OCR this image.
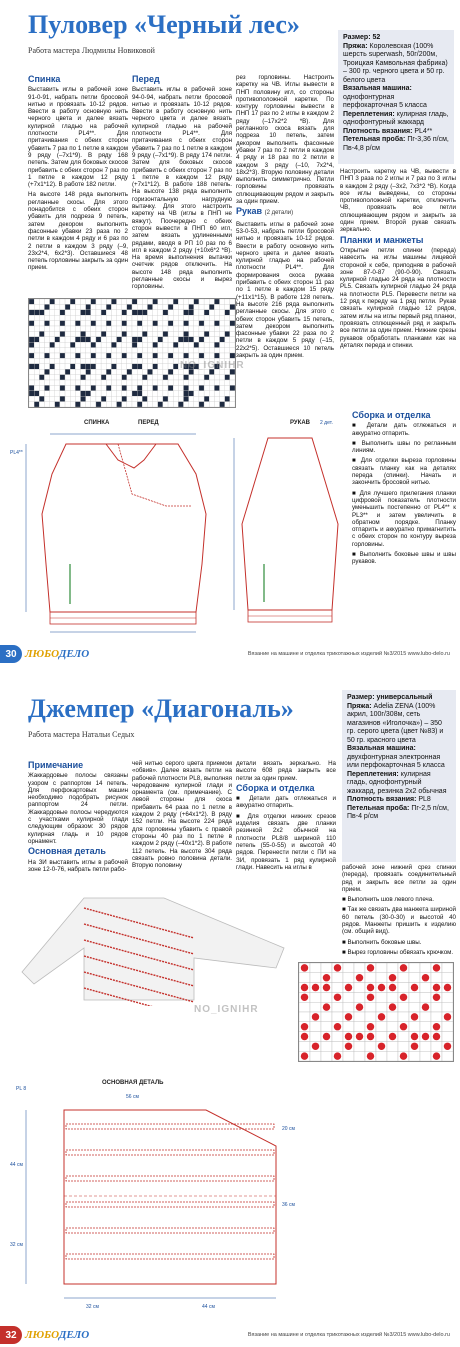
Пуловер «Черный лес»
Работа мастера Людмилы Новиковой
Размер: 52
Пряжа: Королевская (100% шерсть superwash, 50г/200м, Троицкая Камвольная фабрика) – 300 гр. черного цвета и 50 гр. белого цвета
Вязальная машина: однофонтурная перфокарточная 5 класса
Переплетения: кулирная гладь, однофонтурный жаккард
Плотность вязания: PL4**
Петельная проба: Пг-3,36 п/см, Пв-4,8 р/см
Спинка

Выставить иглы в рабочей зоне 91-0-91, набрать петли бросовой нитью и провязать 10-12 рядов. Ввести в работу основную нить черного цвета и далее вязать кулирной гладью на рабочей плотности PL4**. Для притачивания с обеих сторон убавить 7 раз по 1 петле в каждом 9 ряду (–7х1*9). В ряду 168 петель. Затем для боковых скосов прибавить с обеих сторон 7 раз по 1 петле в каждом 12 ряду (+7х1*12). В работе 182 петли.

На высоте 148 ряда выполнить регланные скосы. Для этого понадобится с обеих сторон убавить для подреза 9 петель, затем декором выполнить фасонные убавки 23 раза по 2 петли в каждом 4 ряду и 6 раз по 2 петли в каждом 3 ряду (–9, 23х2*4, 6х2*3). Оставшиеся 48 петель горловины закрыть за один прием.

Перед

Выставить иглы в рабочей зоне 94-0-94, набрать петли бросовой нитью и провязать 10-12 рядов. Ввести в работу основную нить черного цвета и далее вязать кулирной гладью на рабочей плотности PL4**. Для притачивания с обеих сторон убавить 7 раз по 1 петле в каждом 9 ряду (–7х1*9). В ряду 174 петли. Затем для боковых скосов прибавить с обеих сторон 7 раз по 1 петле в каждом 12 ряду (+7х1*12). В работе 188 петель. На высоте 138 ряда выполнить горизонтальную нагрудную вытачку. Для этого настроить каретку на ЧВ (иглы в ПНП не вяжут). Поочередно с обеих сторон вывести в ПНП 60 игл, затем вязать удлиненными рядами, вводя в РП 10 раз по 6 игл в каждом 2 ряду (+10х6*2 *В). На время выполнения вытачки счетчик рядов отключить. На высоте 148 ряда выполнить регланные скосы и вырез горловины.

рез горловины. Настроить каретку на ЧВ. Иглы вывести в ПНП половину игл, со стороны противоположной каретки. По контуру горловины вывести в ПНП 17 раз по 2 иглы в каждом 2 ряду (–17х2*2 *В). Для регланного скоса вязать для подреза 10 петель, затем декором выполнить фасонные убавки 7 раз по 2 петли в каждом 4 ряду и 18 раз по 2 петли в каждом 3 ряду (–10, 7х2*4, 18х2*3). Вторую половину детали выполнить симметрично. Петли горловины провязать сплющивающим рядом и закрыть за один прием.

Рукав (2 детали)

Выставить иглы в рабочей зоне 53-0-53, набрать петли бросовой нитью и провязать 10-12 рядов. Ввести в работу основную нить черного цвета и далее вязать кулирной гладью на рабочей плотности PL4**. Для формирования скоса рукава прибавить с обеих сторон 11 раз по 1 петле в каждом 15 ряду (+11х1*15). В работе 128 петель. На высоте 216 ряда выполнить регланные скосы. Для этого с обеих сторон убавить 15 петель, затем декором выполнить фасонные убавки 22 раза по 2 петли в каждом 5 ряду (–15, 22х2*5). Оставшиеся 10 петель закрыть за один прием.

Настроить каретку на ЧВ, вывести в ПНП 3 раза по 2 иглы и 7 раз по 3 иглы в каждом 2 ряду (–3х2, 7х3*2 *В). Когда все иглы выведены, со стороны противоположной каретки, отключить ЧВ, провязать все петли сплющивающим рядом и закрыть за один прием. Второй рукав связать зеркально.

Планки и манжеты

Открытые петли спинки (переда) навесить на иглы машины лицевой стороной к себе, приподняв в рабочей зоне 87-0-87 (90-0-90). Связать кулирной гладью 24 ряда на плотности PL5. Связать кулирной гладью 24 ряда на плотности PL5. Перевести петли на 12 ряд к переду на 1 ряд петли. Рукав связать кулирной гладью 12 рядов, затем иглы на иглы первый ряд планки, провязать сплющенный ряд и закрыть все петли за один прием. Нижние срезы рукавов обработать планками как на деталях переда и спинки.

NO_IGNIHR
Сборка и отделка

■ Детали дать отлежаться и аккуратно отпарить.

■ Выполнить швы по регланным линиям.

■ Для отделки выреза горловины связать планку как на деталях переда (спинки). Начать и закончить бросовой нитью.

■ Для лучшего прилегания планки цифровой показатель плотности уменьшить постепенно от PL4** к PL3** и затем увеличить в обратном порядке. Планку отпарить и аккуратно примагнитить с обеих сторон по контуру выреза горловины.

■ Выполнить боковые швы и швы рукавов.

СПИНКА	ПЕРЕД
PL4**
РУКАВ 2 дет.
30 ЛЮБОДЕЛО	Вязание на машине и отделка трикотажных изделий №3/2015 www.lubo-delo.ru
Джемпер «Диагональ»
Работа мастера Натальи Седых
Размер: универсальный
Пряжа: Adelia ZENA (100% акрил, 100г/308м, сеть магазинов «Иголочка») – 350 гр. серого цвета (цвет №83) и 50 гр. красного цвета
Вязальная машина: двухфонтурная электронная или перфокарточная 5 класса
Переплетения: кулирная гладь, однофонтурный жаккард, резинка 2х2 обычная
Плотность вязания: PL8
Петельная проба: Пг-2,5 п/см, Пв-4 р/см
Примечание

Жаккардовые полосы связаны узором с раппортом 14 петель. Для перфокартовых машин необходимо подобрать рисунок раппортом 24 петли. Жаккардовые полосы чередуются с участками кулирной глади следующим образом: 30 рядов кулирная гладь и 10 рядов орнамент.

Основная деталь

На ЗИ выставить иглы в рабочей зоне 12-0-76, набрать петли рабо-

чей нитью серого цвета приемом «обвив». Далее вязать петли на рабочей плотности PL8, выполняя чередование кулирной глади и орнамента (см. примечание). С левой стороны для скоса прибавить 64 раза по 1 петле в каждом 2 ряду (+64х1*2). В ряду 152 петли. На высоте 224 ряда для горловины убавить с правой стороны 40 раз по 1 петле в каждом 2 ряду (–40х1*2). В работе 112 петель. На высоте 304 ряда связать ровно половина детали. Вторую половину

детали вязать зеркально. На высоте 608 ряда закрыть все петли за один прием.

Сборка и отделка

■ Детали дать отлежаться и аккуратно отпарить.

■ Для отделки нижних срезов изделия связать две планки резинкой 2х2 обычной на плотности PL8/8 шириной 110 петель (55-0-55) и высотой 40 рядов. Перенести петли с ПИ на ЗИ, провязать 1 ряд кулирной глади. Навесить на иглы в	рабочей зоне нижний срез спинки (переда), провязать соединительный ряд и закрыть все петли за один прием.

■ Выполнить шов левого плеча.

■ Так же связать два манжета шириной 60 петель (30-0-30) и высотой 40 рядов. Манжеты пришить к изделию (см. общий вид).

■ Выполнить боковые швы.

■ Вырез горловины обвязать крючком.

NO_IGNIHR
ОСНОВНАЯ ДЕТАЛЬ
PL 8
56 см
44 см
32 см
20 см
36 см
32 см	44 см
32 ЛЮБОДЕЛО	Вязание на машине и отделка трикотажных изделий №3/2015 www.lubo-delo.ru
